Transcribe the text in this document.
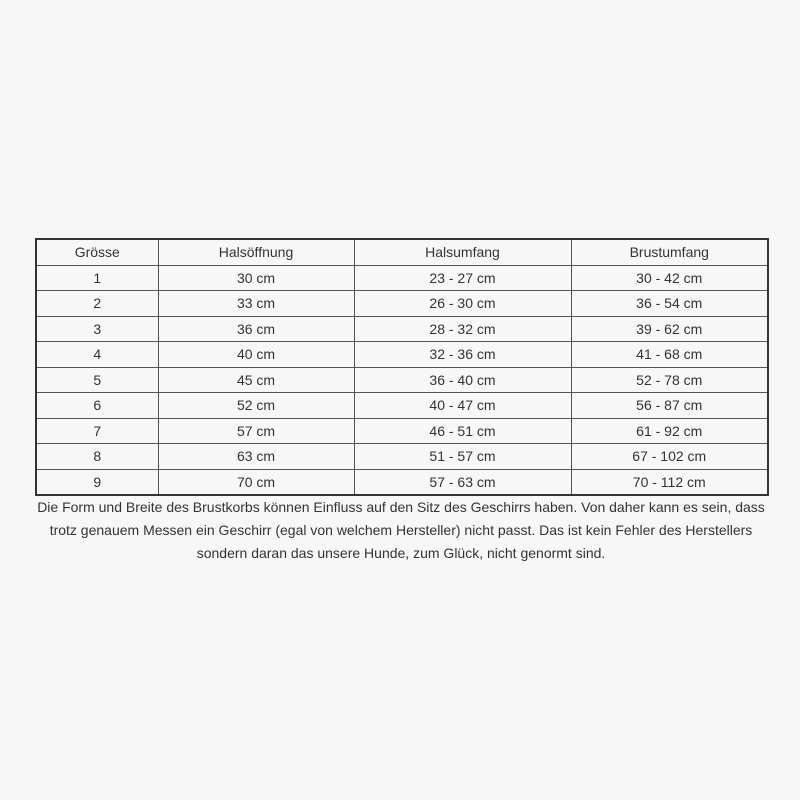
Grösse	Halsöffnung	Halsumfang	Brustumfang
1	30 cm	23 - 27 cm	30 - 42 cm
2	33 cm	26 - 30 cm	36 - 54 cm
3	36 cm	28 - 32 cm	39 - 62 cm
4	40 cm	32 - 36 cm	41 - 68 cm
5	45 cm	36 - 40 cm	52 - 78 cm
6	52 cm	40 - 47 cm	56 - 87 cm
7	57 cm	46 - 51 cm	61 - 92 cm
8	63 cm	51 - 57 cm	67 - 102 cm
9	70 cm	57 - 63 cm	70 - 112 cm

Die Form und Breite des Brustkorbs können Einfluss auf den Sitz des Geschirrs haben. Von daher kann es sein, dass trotz genauem Messen ein Geschirr (egal von welchem Hersteller) nicht passt. Das ist kein Fehler des Herstellers sondern daran das unsere Hunde, zum Glück, nicht genormt sind.
